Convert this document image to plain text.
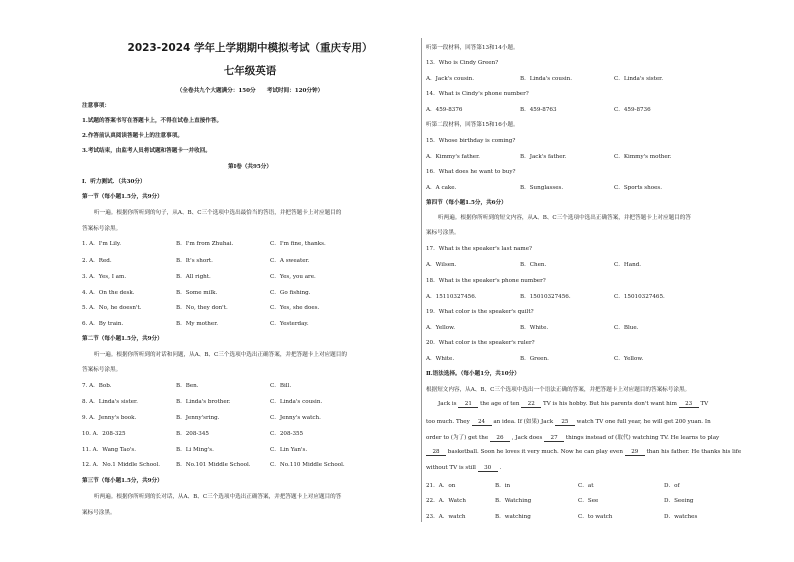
2023-2024 学年上学期期中模拟考试（重庆专用）
七年级英语
（全卷共九个大题满分：150分　　考试时间：120分钟）
注意事项：
1.试题的答案书写在答题卡上，不得在试卷上直接作答。
2.作答前认真阅读答题卡上的注意事项。
3.考试结束，由监考人员将试题和答题卡一并收回。
第Ⅰ卷（共95分）
Ⅰ．听力测试．（共30分）
第一节（每小题1.5分，共9分）
听一遍。根据你所听到的句子，从A、B、C三个选项中选出最恰当的答语，并把答题卡上对应题目的
答案标号涂黑。
1. A．I'm Lily.	B．I'm from Zhuhai.	C．I'm fine, thanks.
2. A．Red.	B．It's short.	C．A sweater.
3. A．Yes, I am.	B．All right.	C．Yes, you are.
4. A．On the desk.	B．Some milk.	C．Go fishing.
5. A．No, he doesn't.	B．No, they don't.	C．Yes, she does.
6. A．By train.	B．My mother.	C．Yesterday.
第二节（每小题1.5分，共9分）
听一遍。根据你所听到的对话和问题，从A、B、C三个选项中选出正确答案，并把答题卡上对应题目的
答案标号涂黑。
7. A．Bob.	B．Ben.	C．Bill.
8. A．Linda's sister.	B．Linda's brother.	C．Linda's cousin.
9. A．Jenny's book.	B．Jenny'sring.	C．Jenny's watch.
10. A．208-325	B．208-345	C．208-355
11. A．Wang Tao's.	B．Li Ming's.	C．Lin Yan's.
12. A．No.1 Middle School.	B．No.101 Middle School.	C．No.110 Middle School.
第三节（每小题1.5分，共9分）
听两遍。根据你所听到的长对话，从A、B、C三个选项中选出正确答案，并把答题卡上对应题目的答
案标号涂黑。
听第一段材料，回答第13和14小题。
13．Who is Cindy Green?
A．Jack's cousin.	B．Linda's cousin.	C．Linda's sister.
14．What is Cindy's phone number?
A．459-8376	B．459-8763	C．459-8736
听第二段材料，回答第15和16小题。
15．Whose birthday is coming?
A．Kimmy's father.	B．Jack's father.	C．Kimmy's mother.
16．What does he want to buy?
A．A cake.	B．Sunglasses.	C．Sports shoes.
第四节（每小题1.5分，共6分）
听两遍。根据你所听到的短文内容，从A、B、C三个选项中选出正确答案，并把答题卡上对应题目的答
案标号涂黑。
17．What is the speaker's last name?
A．Wilsen.	B．Chen.	C．Hand.
18．What is the speaker's phone number?
A．15110327456.	B．15010327456.	C．15010327465.
19．What color is the speaker's quilt?
A．Yellow.	B．White.	C．Blue.
20．What color is the speaker's ruler?
A．White.	B．Green.	C．Yellow.
Ⅱ.语法选择。（每小题1分，共10分）
根据短文内容，从A、B、C三个选项中选出一个语法正确的答案，并把答题卡上对应题目的答案标号涂黑。
Jack is 21 the age of ten 22 TV is his hobby. But his parents don't want him 23 TV
too much. They 24 an idea. If (如果) Jack 25 watch TV one full year, he will get 200 yuan. In
order to (为了) get the 26 , Jack does 27 things instead of (取代) watching TV. He learns to play
28 basketball. Soon he loves it very much. Now he can play even 29 than his father. He thanks his life
without TV is still 30 .
21．A．on	B．in	C．at	D．of
22．A．Watch	B．Watching	C．See	D．Seeing
23．A．watch	B．watching	C．to watch	D．watches
